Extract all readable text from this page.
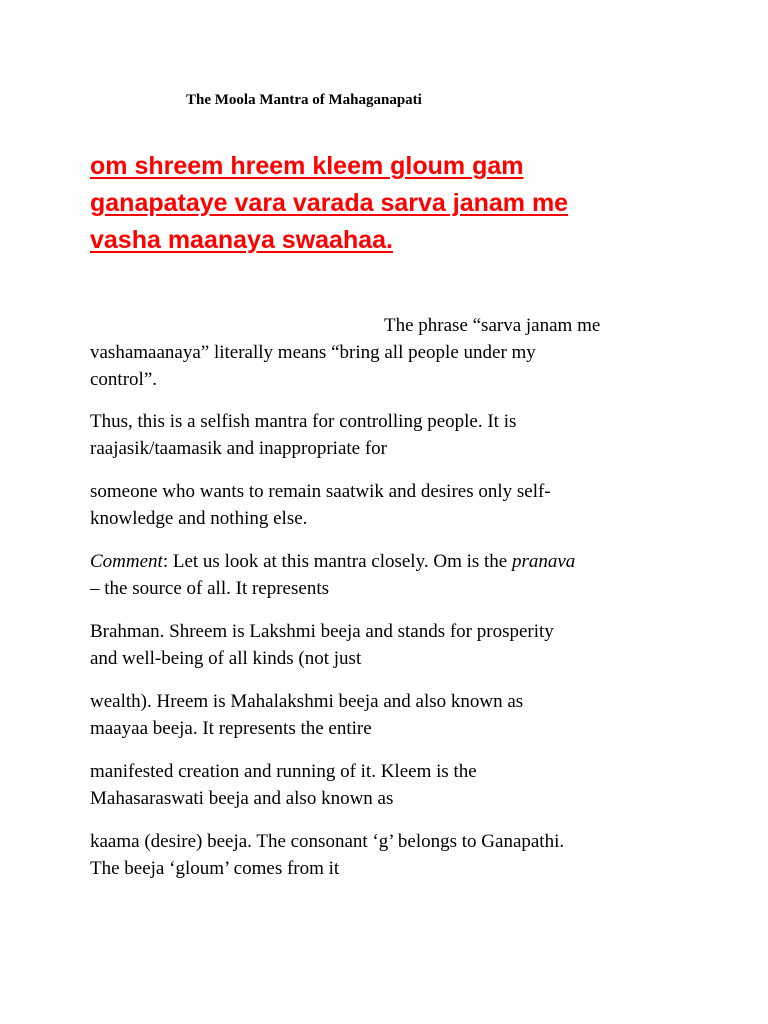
The Moola Mantra of Mahaganapati
om shreem hreem kleem gloum gam
ganapataye vara varada sarva janam me
vasha maanaya swaahaa.
The phrase “sarva janam me
vashamaanaya” literally means “bring all people under my
control”.
Thus, this is a selfish mantra for controlling people. It is
raajasik/taamasik and inappropriate for
someone who wants to remain saatwik and desires only self-
knowledge and nothing else.
Comment: Let us look at this mantra closely. Om is the pranava
– the source of all. It represents
Brahman. Shreem is Lakshmi beeja and stands for prosperity
and well-being of all kinds (not just
wealth). Hreem is Mahalakshmi beeja and also known as
maayaa beeja. It represents the entire
manifested creation and running of it. Kleem is the
Mahasaraswati beeja and also known as
kaama (desire) beeja. The consonant ‘g’ belongs to Ganapathi.
The beeja ‘gloum’ comes from it
